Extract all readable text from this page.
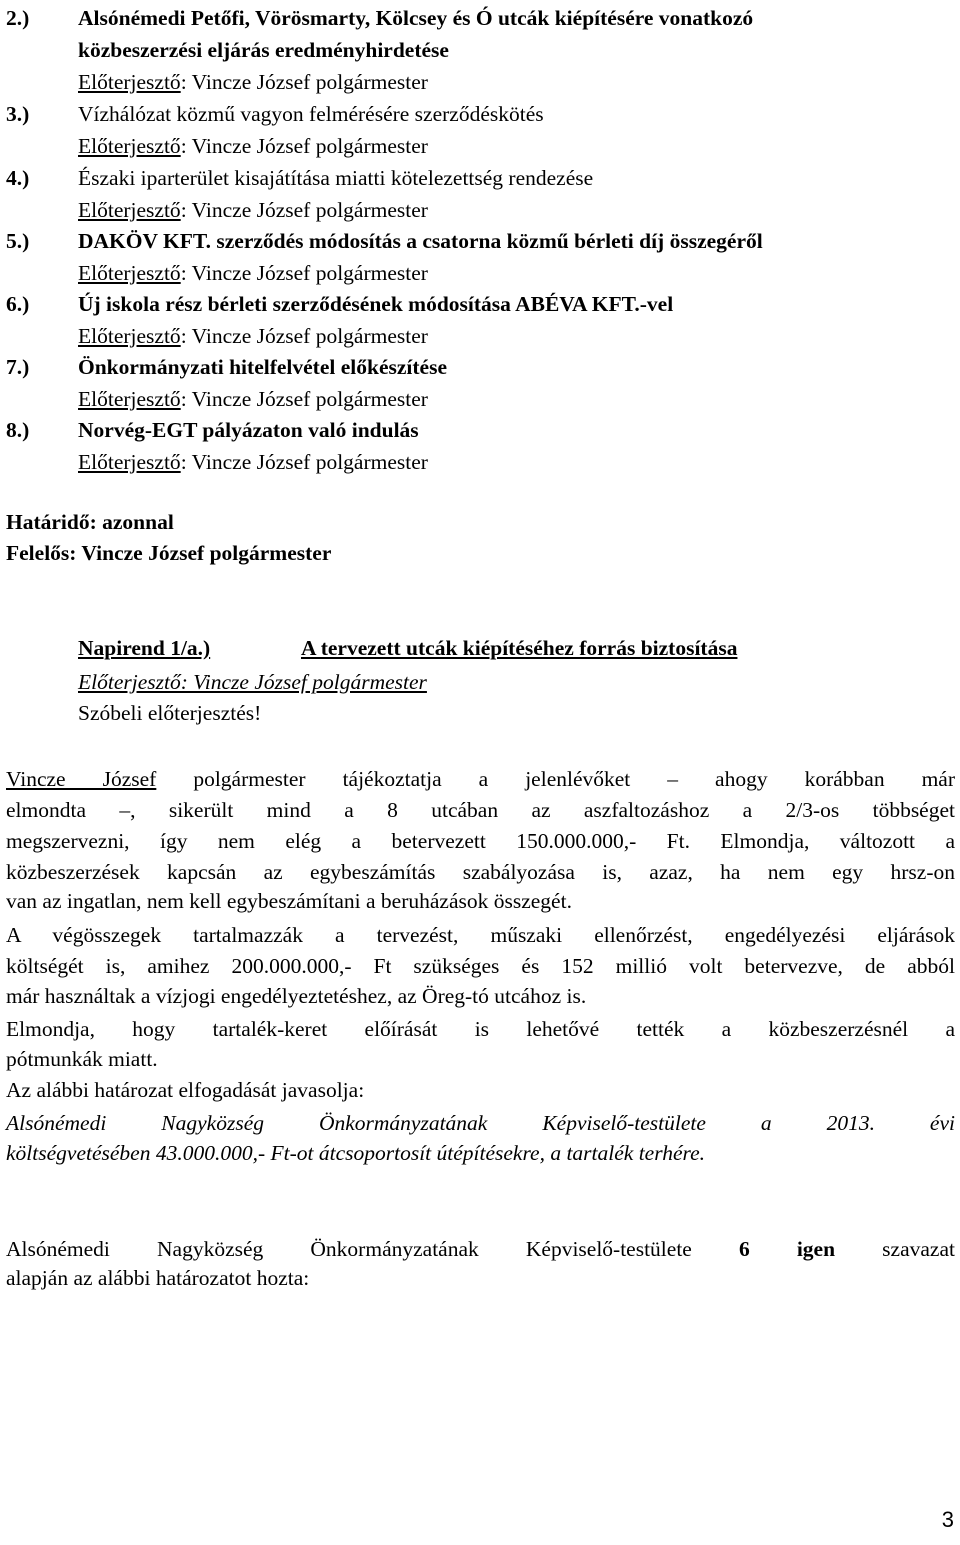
2.) Alsónémedi Petőfi, Vörösmarty, Kölcsey és Ó utcák kiépítésére vonatkozó
közbeszerzési eljárás eredményhirdetése
Előterjesztő: Vincze József polgármester
3.) Vízhálózat közmű vagyon felmérésére szerződéskötés
Előterjesztő: Vincze József polgármester
4.) Északi iparterület kisajátítása miatti kötelezettség rendezése
Előterjesztő: Vincze József polgármester
5.) DAKÖV KFT. szerződés módosítás a csatorna közmű bérleti díj összegéről
Előterjesztő: Vincze József polgármester
6.) Új iskola rész bérleti szerződésének módosítása ABÉVA KFT.-vel
Előterjesztő: Vincze József polgármester
7.) Önkormányzati hitelfelvétel előkészítése
Előterjesztő: Vincze József polgármester
8.) Norvég-EGT pályázaton való indulás
Előterjesztő: Vincze József polgármester
Határidő: azonnal
Felelős: Vincze József polgármester
Napirend 1/a.)	A tervezett utcák kiépítéséhez forrás biztosítása
Előterjesztő: Vincze József polgármester
Szóbeli előterjesztés!
Vincze József polgármester tájékoztatja a jelenlévőket – ahogy korábban már
elmondta –, sikerült mind a 8 utcában az aszfaltozáshoz a 2/3-os többséget
megszervezni, így nem elég a betervezett 150.000.000,- Ft. Elmondja, változott a
közbeszerzések kapcsán az egybeszámítás szabályozása is, azaz, ha nem egy hrsz-on
van az ingatlan, nem kell egybeszámítani a beruházások összegét.
A végösszegek tartalmazzák a tervezést, műszaki ellenőrzést, engedélyezési eljárások
költségét is, amihez 200.000.000,- Ft szükséges és 152 millió volt betervezve, de abból
már használtak a vízjogi engedélyeztetéshez, az Öreg-tó utcához is.
Elmondja, hogy tartalék-keret előírását is lehetővé tették a közbeszerzésnél a
pótmunkák miatt.
Az alábbi határozat elfogadását javasolja:
Alsónémedi Nagyközség Önkormányzatának Képviselő-testülete a 2013. évi
költségvetésében 43.000.000,- Ft-ot átcsoportosít útépítésekre, a tartalék terhére.
Alsónémedi Nagyközség Önkormányzatának Képviselő-testülete 6 igen szavazat
alapján az alábbi határozatot hozta:
3
